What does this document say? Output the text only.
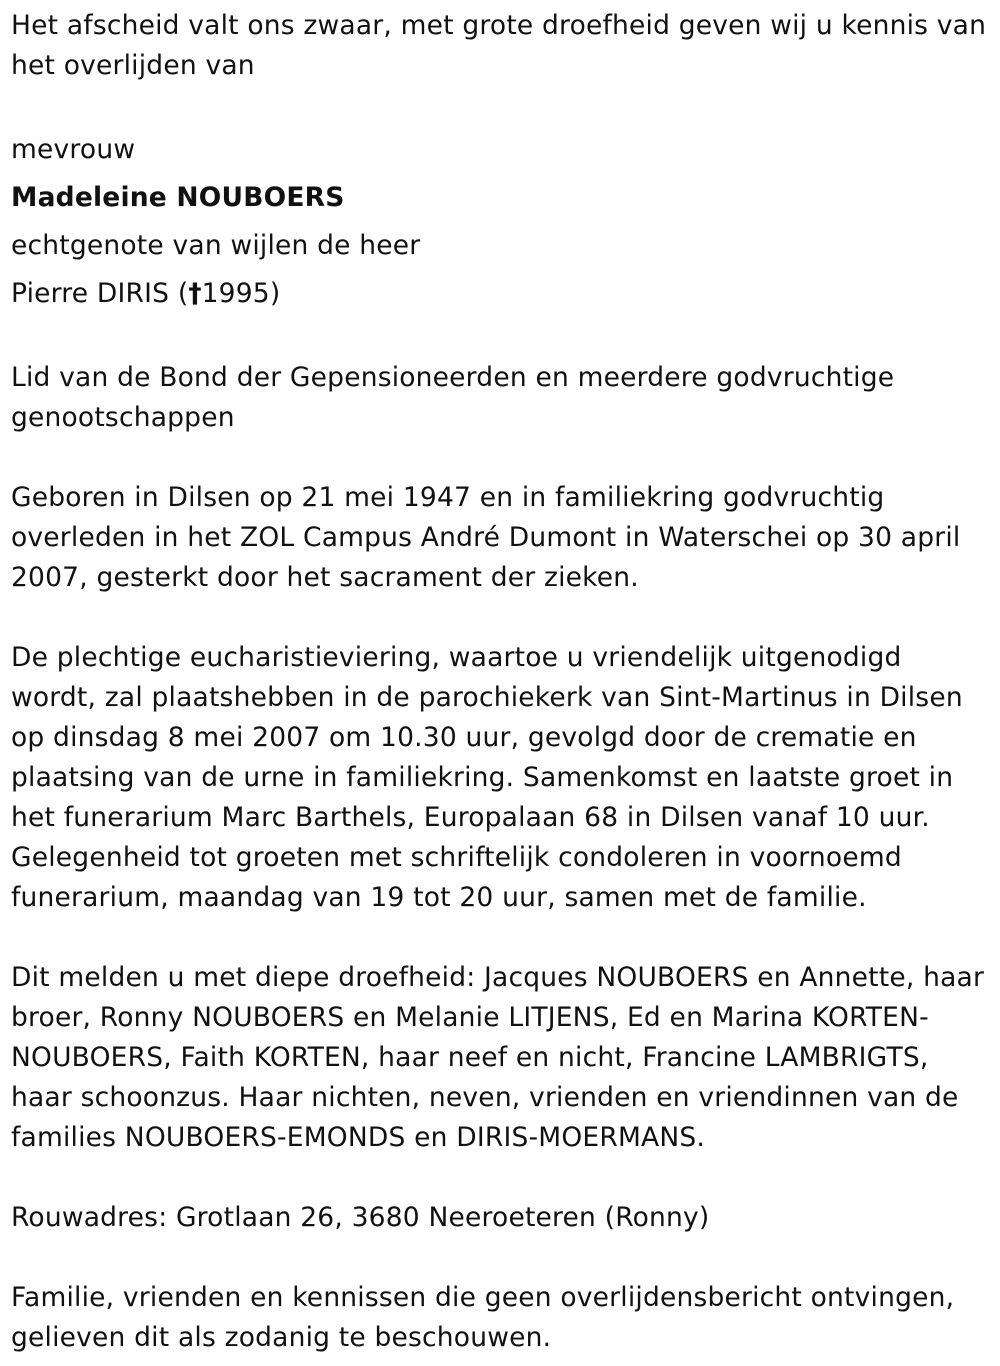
Het afscheid valt ons zwaar, met grote droefheid geven wij u kennis van het overlijden van

mevrouw
Madeleine NOUBOERS
echtgenote van wijlen de heer
Pierre DIRIS (†1995)

Lid van de Bond der Gepensioneerden en meerdere godvruchtige genootschappen

Geboren in Dilsen op 21 mei 1947 en in familiekring godvruchtig overleden in het ZOL Campus André Dumont in Waterschei op 30 april 2007, gesterkt door het sacrament der zieken.

De plechtige eucharistieviering, waartoe u vriendelijk uitgenodigd wordt, zal plaatshebben in de parochiekerk van Sint-Martinus in Dilsen op dinsdag 8 mei 2007 om 10.30 uur, gevolgd door de crematie en plaatsing van de urne in familiekring. Samenkomst en laatste groet in het funerarium Marc Barthels, Europalaan 68 in Dilsen vanaf 10 uur. Gelegenheid tot groeten met schriftelijk condoleren in voornoemd funerarium, maandag van 19 tot 20 uur, samen met de familie.

Dit melden u met diepe droefheid: Jacques NOUBOERS en Annette, haar broer, Ronny NOUBOERS en Melanie LITJENS, Ed en Marina KORTEN-NOUBOERS, Faith KORTEN, haar neef en nicht, Francine LAMBRIGTS, haar schoonzus. Haar nichten, neven, vrienden en vriendinnen van de families NOUBOERS-EMONDS en DIRIS-MOERMANS.

Rouwadres: Grotlaan 26, 3680 Neeroeteren (Ronny)

Familie, vrienden en kennissen die geen overlijdensbericht ontvingen, gelieven dit als zodanig te beschouwen.
